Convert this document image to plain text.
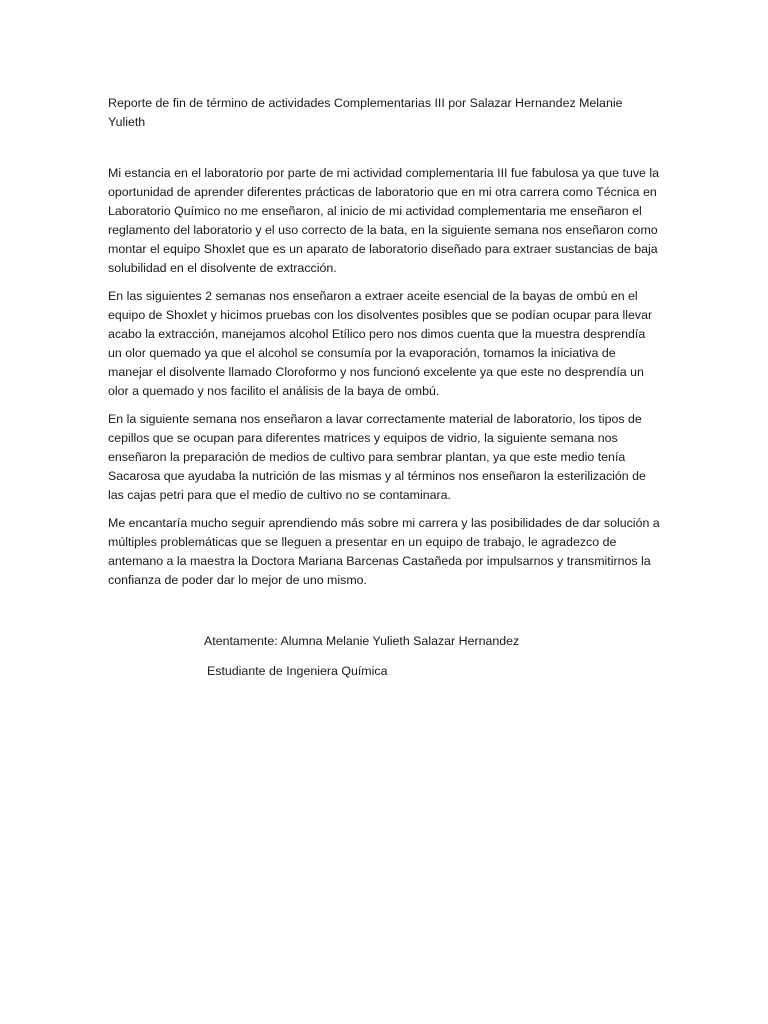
Reporte de fin de término de actividades Complementarias III por Salazar Hernandez Melanie Yulieth

Mi estancia en el laboratorio por parte de mi actividad complementaria III fue fabulosa ya que tuve la oportunidad de aprender diferentes prácticas de laboratorio que en mi otra carrera como Técnica en Laboratorio Químico no me enseñaron, al inicio de mi actividad complementaria me enseñaron el reglamento del laboratorio y el uso correcto de la bata, en la siguiente semana nos enseñaron como montar el equipo Shoxlet que es un aparato de laboratorio diseñado para extraer sustancias de baja solubilidad en el disolvente de extracción.

En las siguientes 2 semanas nos enseñaron a extraer aceite esencial de la bayas de ombú en el equipo de Shoxlet y hicimos pruebas con los disolventes posibles que se podían ocupar para llevar acabo la extracción, manejamos alcohol Etílico pero nos dimos cuenta que la muestra desprendía un olor quemado ya que el alcohol se consumía por la evaporación, tomamos la iniciativa de manejar el disolvente llamado Cloroformo y nos funcionó excelente ya que este no desprendía un olor a quemado y nos facilito el análisis de la baya de ombú.

En la siguiente semana nos enseñaron a lavar correctamente material de laboratorio, los tipos de cepillos que se ocupan para diferentes matrices y equipos de vidrio, la siguiente semana nos enseñaron la preparación de medios de cultivo para sembrar plantan, ya que este medio tenía Sacarosa que ayudaba la nutrición de las mismas y al términos nos enseñaron la esterilización de las cajas petri para que el medio de cultivo no se contaminara.

Me encantaría mucho seguir aprendiendo más sobre mi carrera y las posibilidades de dar solución a múltiples problemáticas que se lleguen a presentar en un equipo de trabajo, le agradezco de antemano a la maestra la Doctora Mariana Barcenas Castañeda por impulsarnos y transmitirnos la confianza de poder dar lo mejor de uno mismo.

Atentamente: Alumna Melanie Yulieth Salazar Hernandez

Estudiante de Ingeniera Química
